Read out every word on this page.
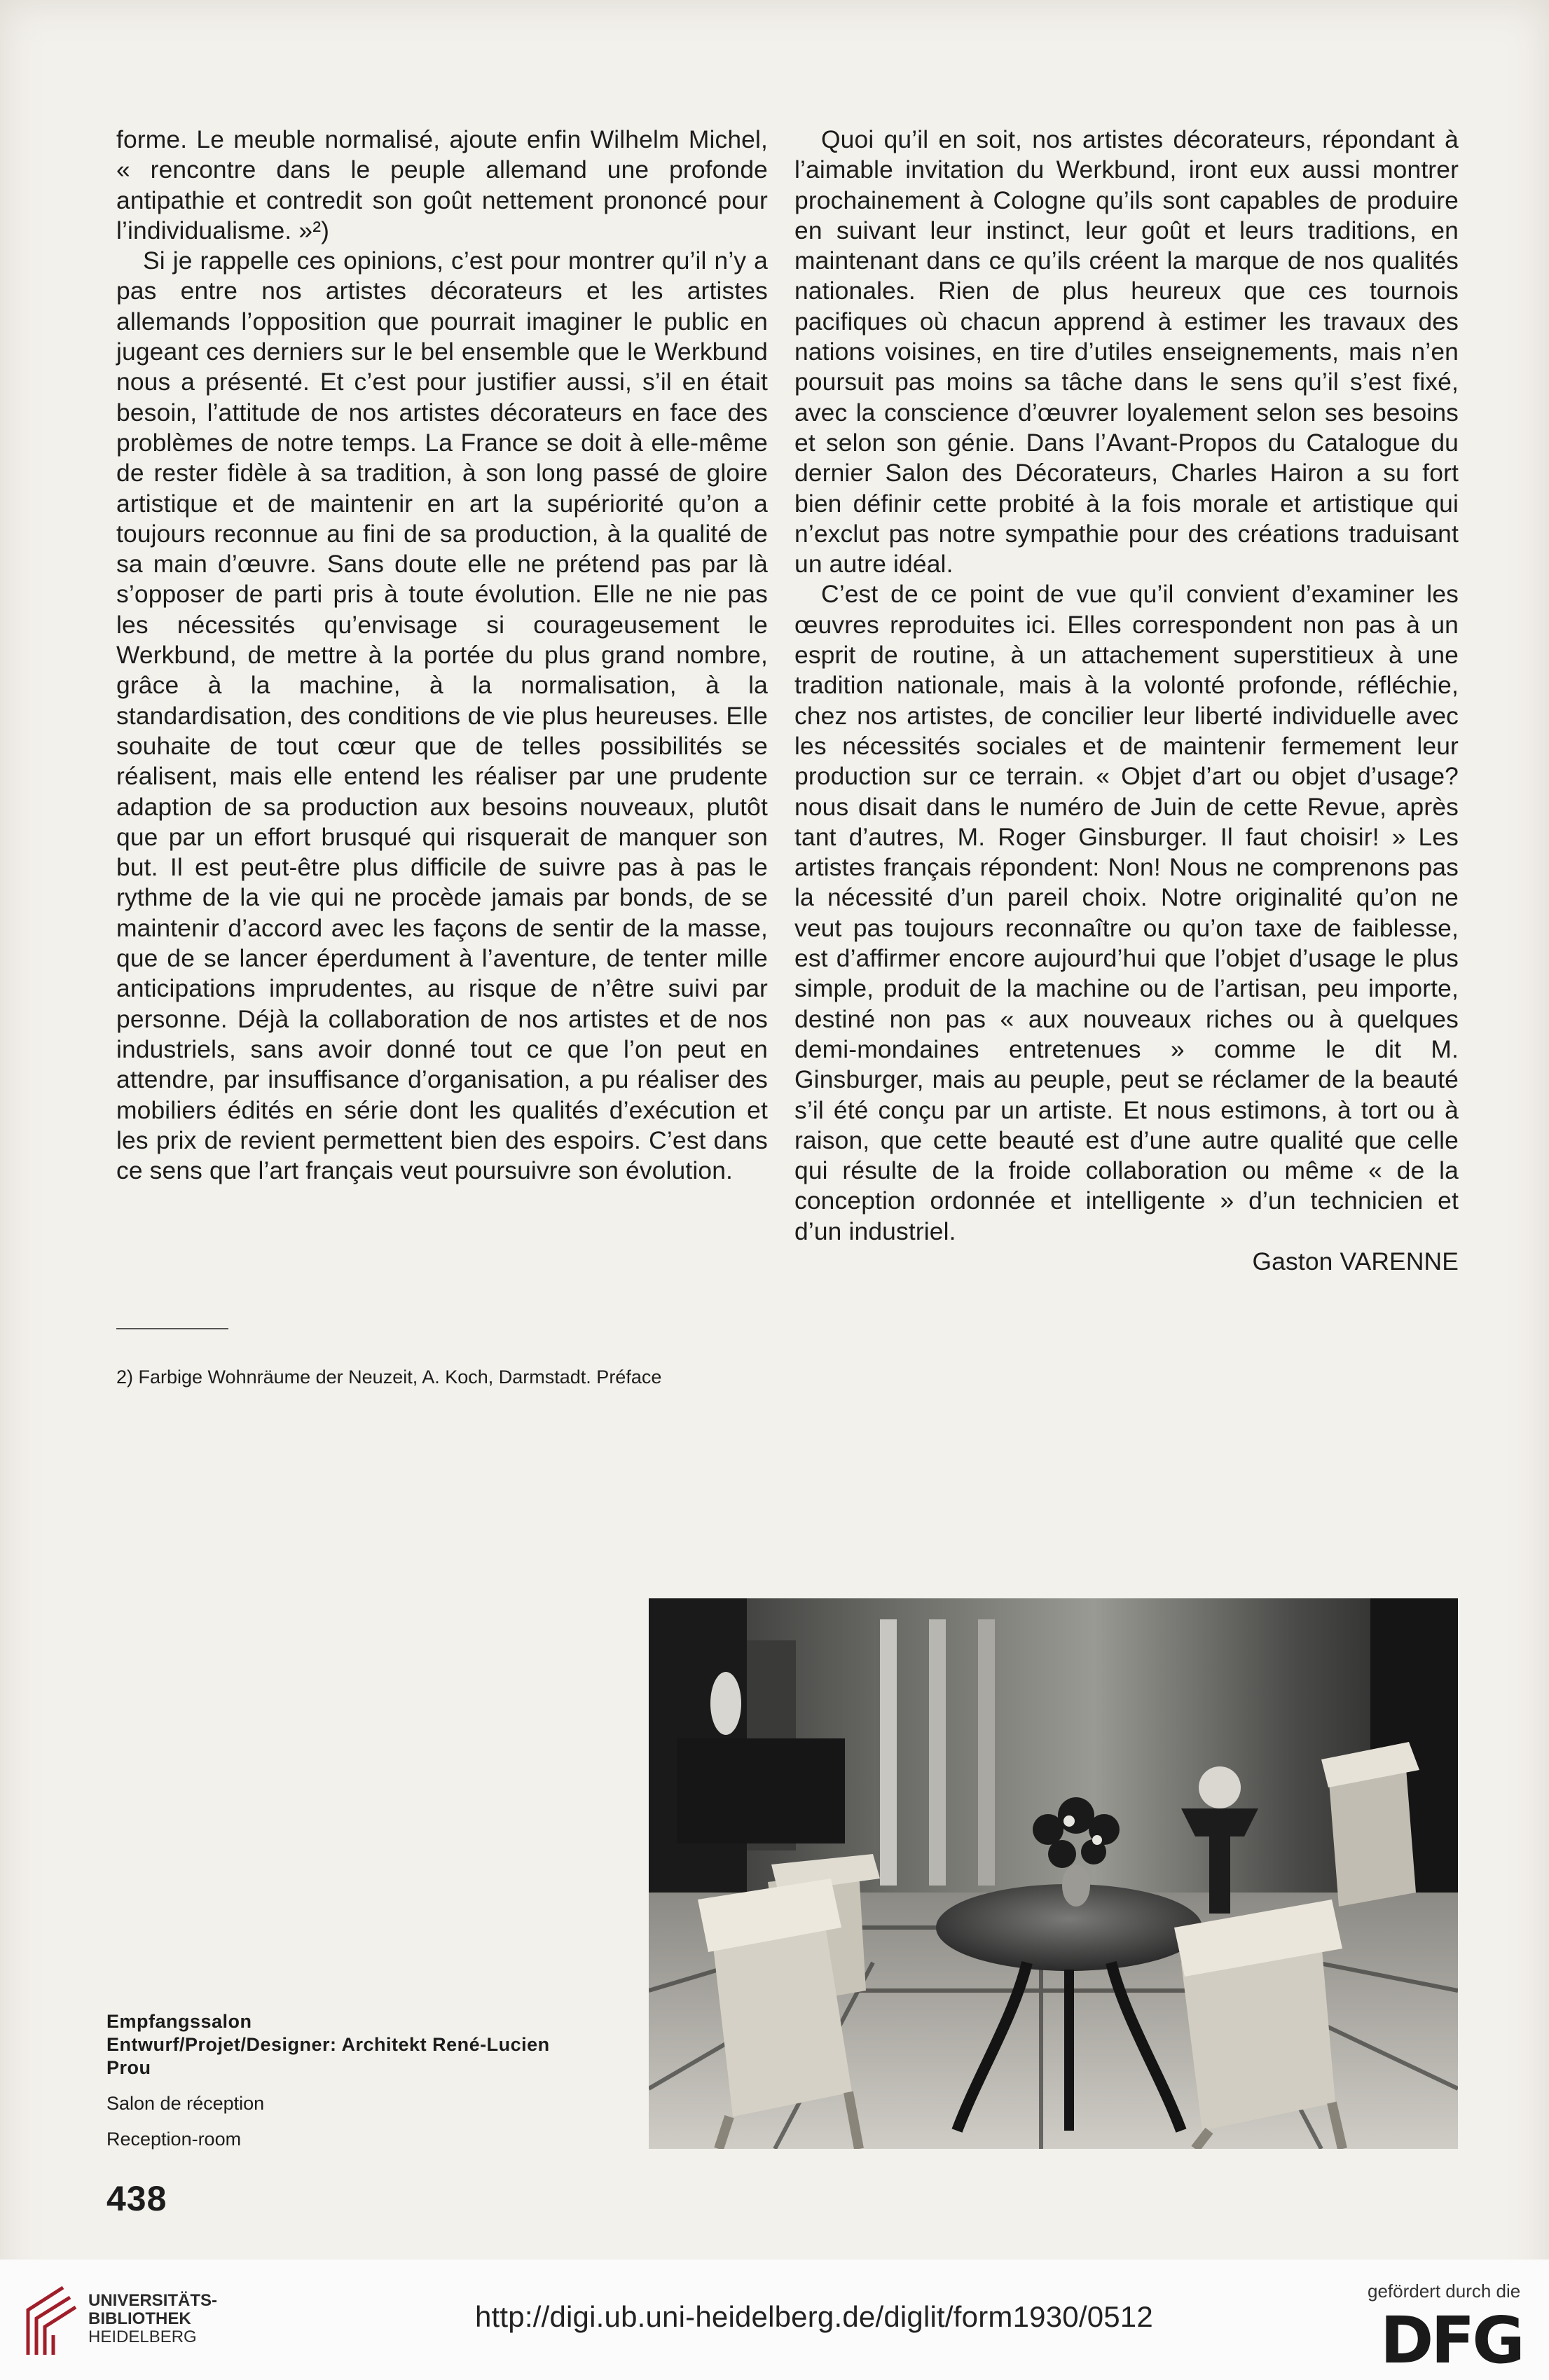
forme. Le meuble normalisé, ajoute enfin Wilhelm Michel, « rencontre dans le peuple allemand une profonde antipathie et contredit son goût nettement prononcé pour l’individualisme. »²)

Si je rappelle ces opinions, c’est pour montrer qu’il n’y a pas entre nos artistes décorateurs et les artistes allemands l’opposition que pourrait imaginer le public en jugeant ces derniers sur le bel ensemble que le Werkbund nous a présenté. Et c’est pour justifier aussi, s’il en était besoin, l’attitude de nos artistes décorateurs en face des problèmes de notre temps. La France se doit à elle-même de rester fidèle à sa tradition, à son long passé de gloire artistique et de maintenir en art la supériorité qu’on a toujours reconnue au fini de sa production, à la qualité de sa main d’œuvre. Sans doute elle ne prétend pas par là s’opposer de parti pris à toute évolution. Elle ne nie pas les nécessités qu’envisage si courageusement le Werkbund, de mettre à la portée du plus grand nombre, grâce à la machine, à la normalisation, à la standardisation, des conditions de vie plus heureuses. Elle souhaite de tout cœur que de telles possibilités se réalisent, mais elle entend les réaliser par une prudente adaption de sa production aux besoins nouveaux, plutôt que par un effort brusqué qui risquerait de manquer son but. Il est peut-être plus difficile de suivre pas à pas le rythme de la vie qui ne procède jamais par bonds, de se maintenir d’accord avec les façons de sentir de la masse, que de se lancer éperdument à l’aventure, de tenter mille anticipations imprudentes, au risque de n’être suivi par personne. Déjà la collaboration de nos artistes et de nos industriels, sans avoir donné tout ce que l’on peut en attendre, par insuffisance d’organisation, a pu réaliser des mobiliers édités en série dont les qualités d’exécution et les prix de revient permettent bien des espoirs. C’est dans ce sens que l’art français veut poursuivre son évolution.

2) Farbige Wohnräume der Neuzeit, A. Koch, Darmstadt. Préface

Quoi qu’il en soit, nos artistes décorateurs, répondant à l’aimable invitation du Werkbund, iront eux aussi montrer prochainement à Cologne qu’ils sont capables de produire en suivant leur instinct, leur goût et leurs traditions, en maintenant dans ce qu’ils créent la marque de nos qualités nationales. Rien de plus heureux que ces tournois pacifiques où chacun apprend à estimer les travaux des nations voisines, en tire d’utiles enseignements, mais n’en poursuit pas moins sa tâche dans le sens qu’il s’est fixé, avec la conscience d’œuvrer loyalement selon ses besoins et selon son génie. Dans l’Avant-Propos du Catalogue du dernier Salon des Décorateurs, Charles Hairon a su fort bien définir cette probité à la fois morale et artistique qui n’exclut pas notre sympathie pour des créations traduisant un autre idéal.

C’est de ce point de vue qu’il convient d’examiner les œuvres reproduites ici. Elles correspondent non pas à un esprit de routine, à un attachement superstitieux à une tradition nationale, mais à la volonté profonde, réfléchie, chez nos artistes, de concilier leur liberté individuelle avec les nécessités sociales et de maintenir fermement leur production sur ce terrain. « Objet d’art ou objet d’usage? nous disait dans le numéro de Juin de cette Revue, après tant d’autres, M. Roger Ginsburger. Il faut choisir! » Les artistes français répondent: Non! Nous ne comprenons pas la nécessité d’un pareil choix. Notre originalité qu’on ne veut pas toujours reconnaître ou qu’on taxe de faiblesse, est d’affirmer encore aujourd’hui que l’objet d’usage le plus simple, produit de la machine ou de l’artisan, peu importe, destiné non pas « aux nouveaux riches ou à quelques demi-mondaines entretenues » comme le dit M. Ginsburger, mais au peuple, peut se réclamer de la beauté s’il été conçu par un artiste. Et nous estimons, à tort ou à raison, que cette beauté est d’une autre qualité que celle qui résulte de la froide collaboration ou même « de la conception ordonnée et intelligente » d’un technicien et d’un industriel.

Gaston VARENNE
Empfangssalon
Entwurf/Projet/Designer: Architekt René-Lucien Prou
Salon de réception
Reception-room
438
UNIVERSITÄTS-
BIBLIOTHEK
HEIDELBERG
http://digi.ub.uni-heidelberg.de/diglit/form1930/0512
gefördert durch die
DFG
